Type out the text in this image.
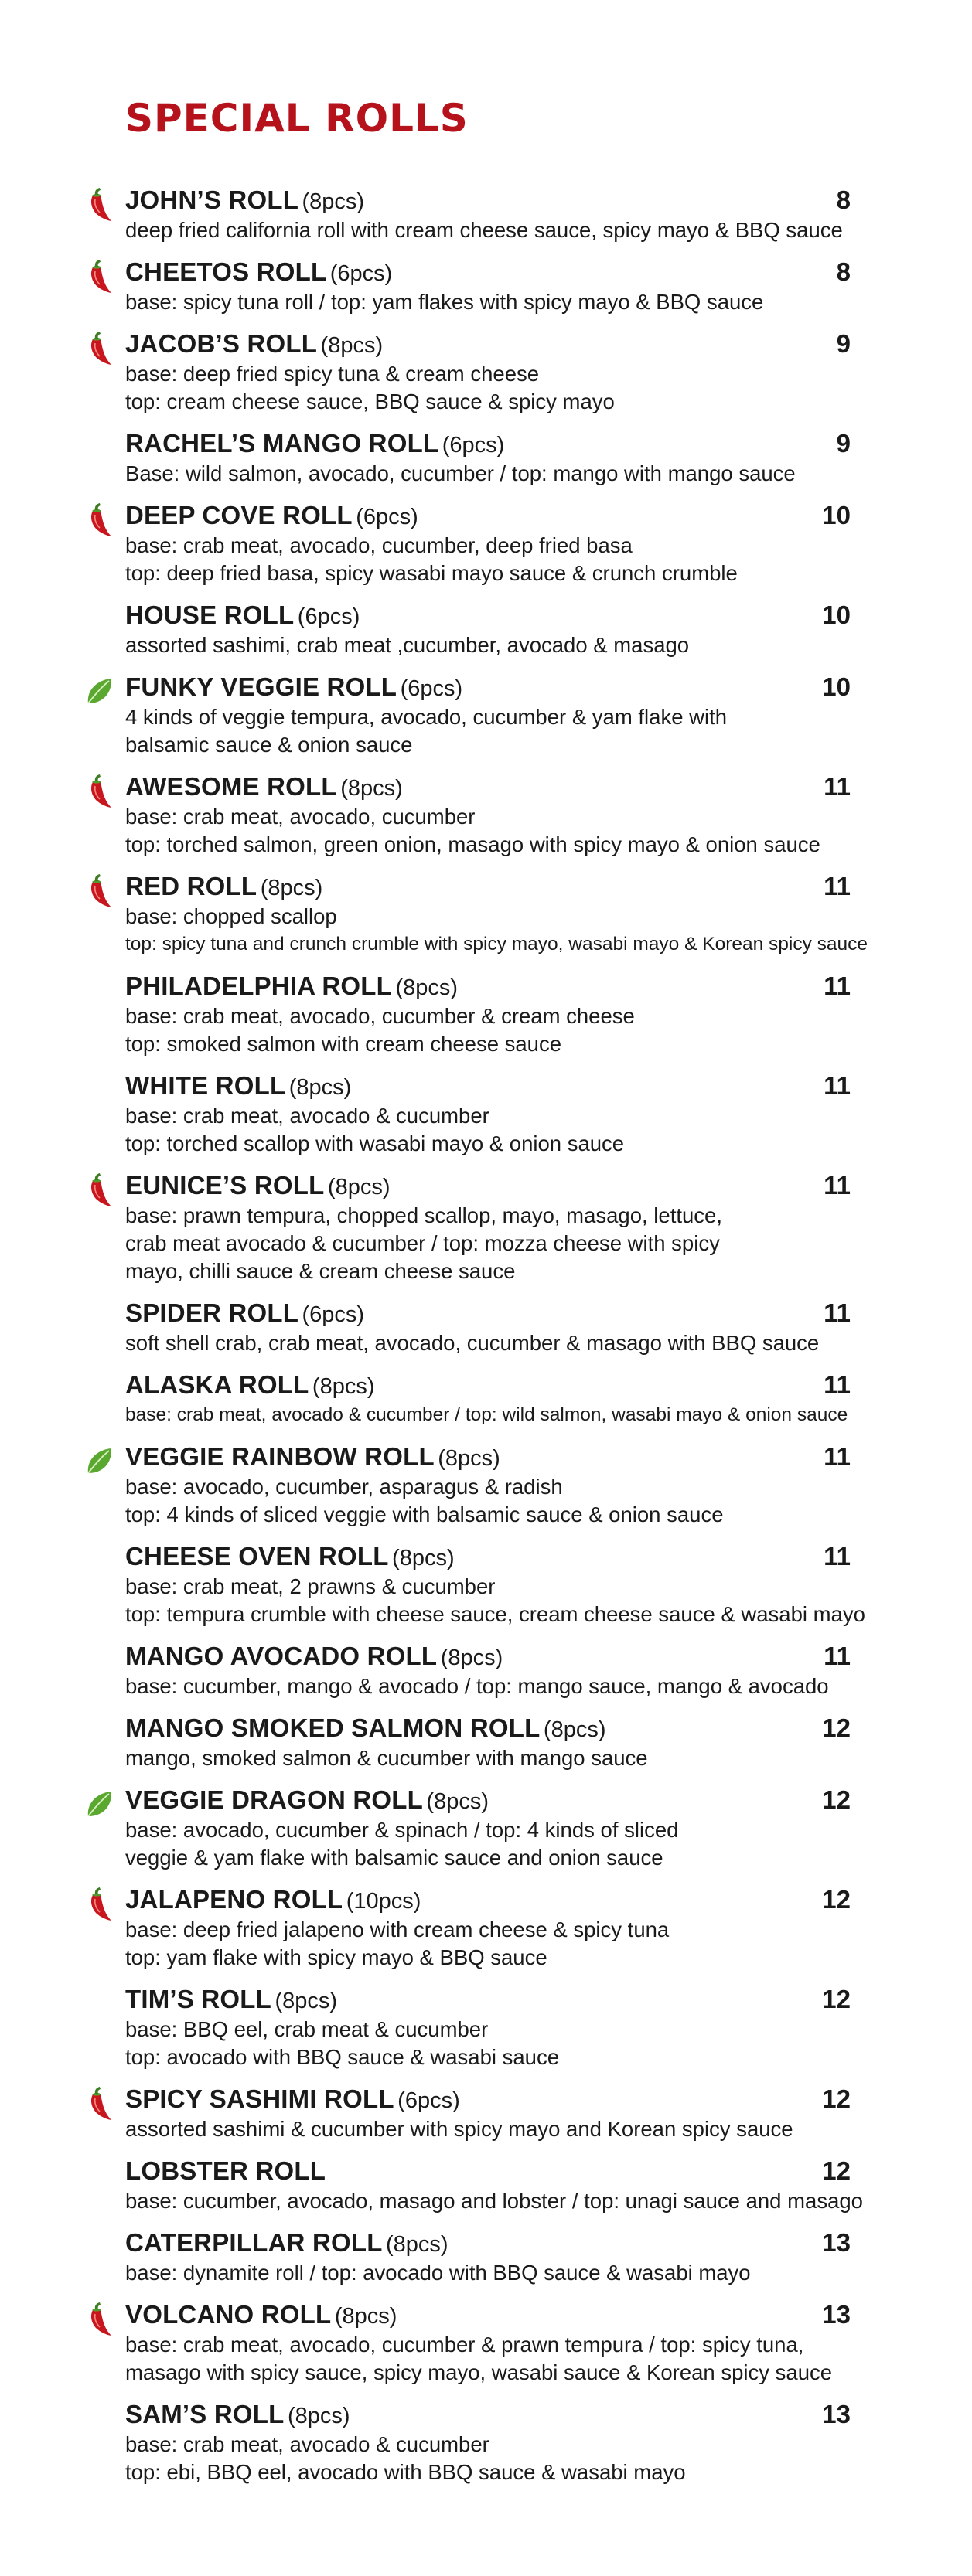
SPECIAL ROLLS
JOHN’S ROLL (8pcs)	8
deep fried california roll with cream cheese sauce, spicy mayo & BBQ sauce
CHEETOS ROLL (6pcs)	8
base: spicy tuna roll / top: yam flakes with spicy mayo & BBQ sauce
JACOB’S ROLL (8pcs)	9
base: deep fried spicy tuna & cream cheese
top: cream cheese sauce, BBQ sauce & spicy mayo
RACHEL’S MANGO ROLL (6pcs)	9
Base: wild salmon, avocado, cucumber / top: mango with mango sauce
DEEP COVE ROLL (6pcs)	10
base: crab meat, avocado, cucumber, deep fried basa
top: deep fried basa, spicy wasabi mayo sauce & crunch crumble
HOUSE ROLL (6pcs)	10
assorted sashimi, crab meat ,cucumber, avocado & masago
FUNKY VEGGIE ROLL (6pcs)	10
4 kinds of veggie tempura, avocado, cucumber & yam flake with
balsamic sauce & onion sauce
AWESOME ROLL (8pcs)	11
base: crab meat, avocado, cucumber
top: torched salmon, green onion, masago with spicy mayo & onion sauce
RED ROLL (8pcs)	11
base: chopped scallop
top: spicy tuna and crunch crumble with spicy mayo, wasabi mayo & Korean spicy sauce
PHILADELPHIA ROLL (8pcs)	11
base: crab meat, avocado, cucumber & cream cheese
top: smoked salmon with cream cheese sauce
WHITE ROLL (8pcs)	11
base: crab meat, avocado & cucumber
top: torched scallop with wasabi mayo & onion sauce
EUNICE’S ROLL (8pcs)	11
base: prawn tempura, chopped scallop, mayo, masago, lettuce,
crab meat avocado & cucumber / top: mozza cheese with spicy
mayo, chilli sauce & cream cheese sauce
SPIDER ROLL (6pcs)	11
soft shell crab, crab meat, avocado, cucumber & masago with BBQ sauce
ALASKA ROLL (8pcs)	11
base: crab meat, avocado & cucumber / top: wild salmon, wasabi mayo & onion sauce
VEGGIE RAINBOW ROLL (8pcs)	11
base: avocado, cucumber, asparagus & radish
top: 4 kinds of sliced veggie with balsamic sauce & onion sauce
CHEESE OVEN ROLL (8pcs)	11
base: crab meat, 2 prawns & cucumber
top: tempura crumble with cheese sauce, cream cheese sauce & wasabi mayo
MANGO AVOCADO ROLL (8pcs)	11
base: cucumber, mango & avocado / top: mango sauce, mango & avocado
MANGO SMOKED SALMON ROLL (8pcs)	12
mango, smoked salmon & cucumber with mango sauce
VEGGIE DRAGON ROLL (8pcs)	12
base: avocado, cucumber & spinach / top: 4 kinds of sliced
veggie & yam flake with balsamic sauce and onion sauce
JALAPENO ROLL (10pcs)	12
base: deep fried jalapeno with cream cheese & spicy tuna
top: yam flake with spicy mayo & BBQ sauce
TIM’S ROLL (8pcs)	12
base: BBQ eel, crab meat & cucumber
top: avocado with BBQ sauce & wasabi sauce
SPICY SASHIMI ROLL (6pcs)	12
assorted sashimi & cucumber with spicy mayo and Korean spicy sauce
LOBSTER ROLL	12
base: cucumber, avocado, masago and lobster / top: unagi sauce and masago
CATERPILLAR ROLL (8pcs)	13
base: dynamite roll / top: avocado with BBQ sauce & wasabi mayo
VOLCANO ROLL (8pcs)	13
base: crab meat, avocado, cucumber & prawn tempura / top: spicy tuna,
masago with spicy sauce, spicy mayo, wasabi sauce & Korean spicy sauce
SAM’S ROLL (8pcs)	13
base: crab meat, avocado & cucumber
top: ebi, BBQ eel, avocado with BBQ sauce & wasabi mayo
